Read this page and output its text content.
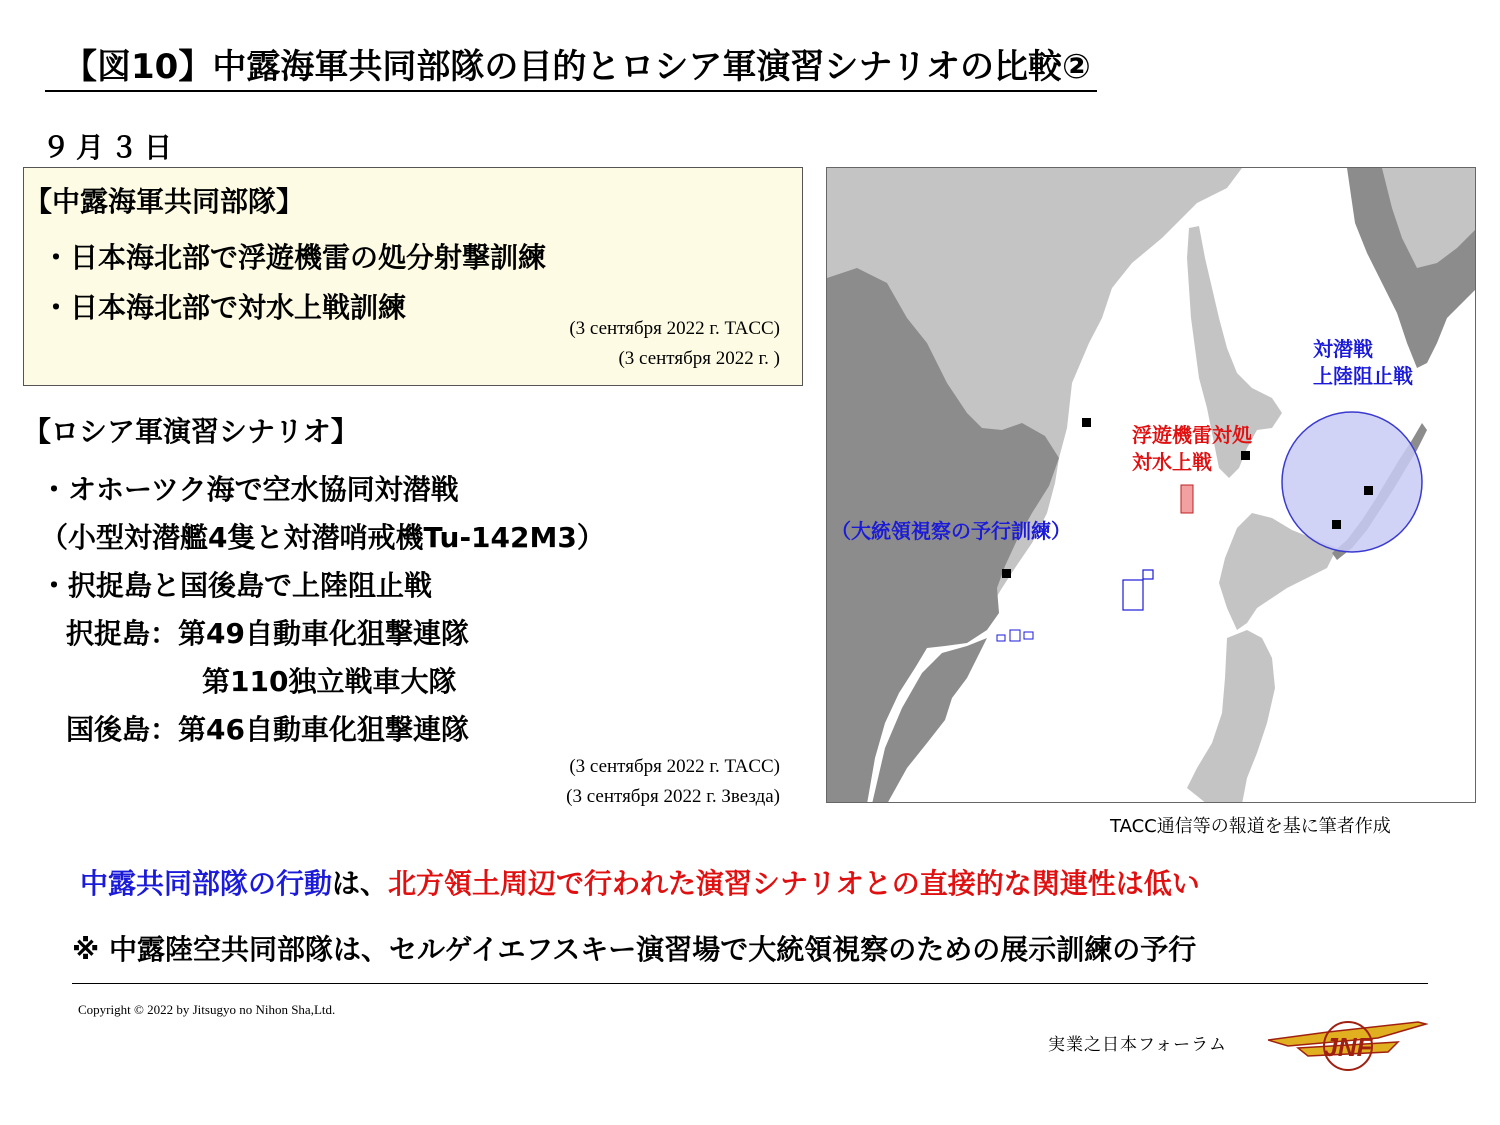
【図10】中露海軍共同部隊の目的とロシア軍演習シナリオの比較②
９月３日
【中露海軍共同部隊】
・日本海北部で浮遊機雷の処分射撃訓練
・日本海北部で対水上戦訓練
(3 сентября 2022 г. TACC)
(3 сентября 2022 г. )
【ロシア軍演習シナリオ】
・オホーツク海で空水協同対潜戦
（小型対潜艦4隻と対潜哨戒機Tu-142M3）
・択捉島と国後島で上陸阻止戦
択捉島：第49自動車化狙撃連隊
第110独立戦車大隊
国後島：第46自動車化狙撃連隊
(3 сентября 2022 г. TACC)
(3 сентября 2022 г. Звезда)
対潜戦
上陸阻止戦
浮遊機雷対処
対水上戦
（大統領視察の予行訓練）
TACC通信等の報道を基に筆者作成
中露共同部隊の行動は、北方領土周辺で行われた演習シナリオとの直接的な関連性は低い
※ 中露陸空共同部隊は、セルゲイエフスキー演習場で大統領視察のための展示訓練の予行
Copyright © 2022 by Jitsugyo no Nihon Sha,Ltd.
実業之日本フォーラム	JNF
